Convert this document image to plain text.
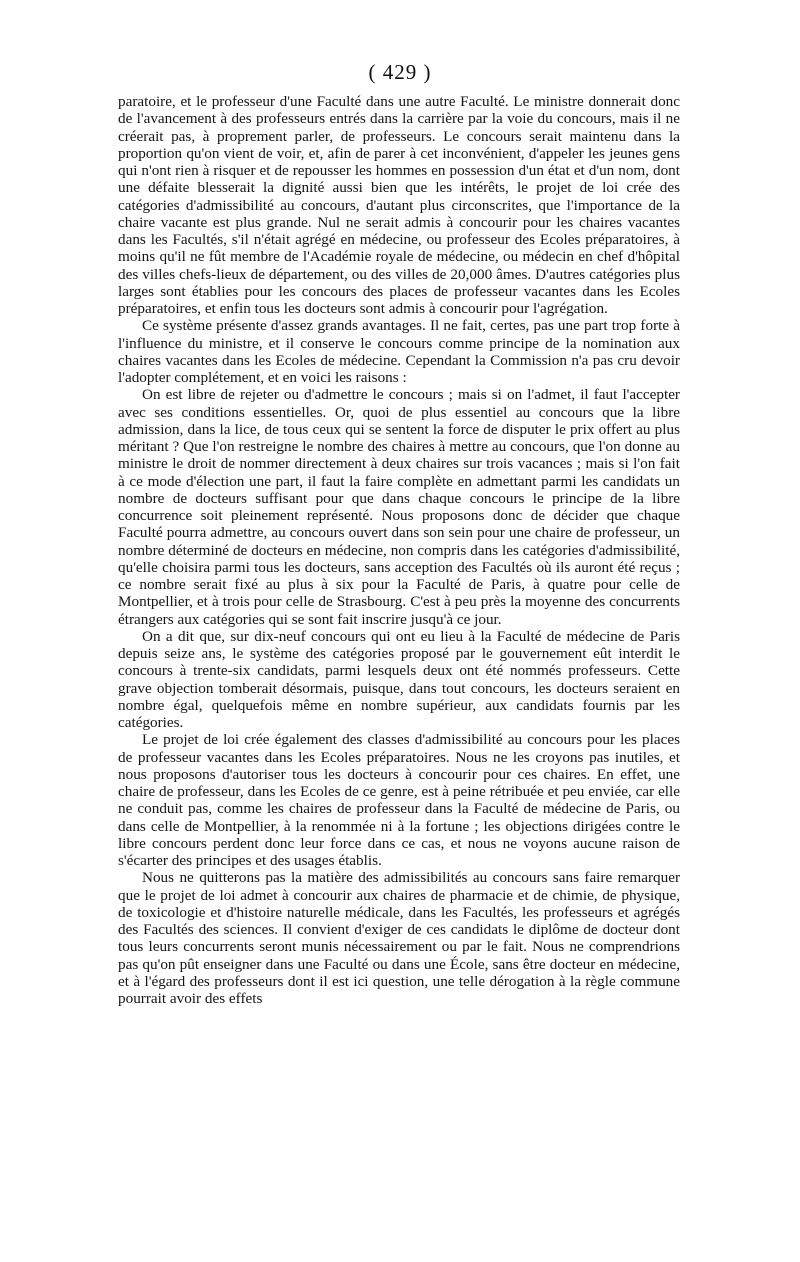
( 429 )

paratoire, et le professeur d'une Faculté dans une autre Faculté. Le ministre donnerait donc de l'avancement à des professeurs entrés dans la carrière par la voie du concours, mais il ne créerait pas, à proprement parler, de professeurs. Le concours serait maintenu dans la proportion qu'on vient de voir, et, afin de parer à cet inconvénient, d'appeler les jeunes gens qui n'ont rien à risquer et de repousser les hommes en possession d'un état et d'un nom, dont une défaite blesserait la dignité aussi bien que les intérêts, le projet de loi crée des catégories d'admissibilité au concours, d'autant plus circonscrites, que l'importance de la chaire vacante est plus grande. Nul ne serait admis à concourir pour les chaires vacantes dans les Facultés, s'il n'était agrégé en médecine, ou professeur des Ecoles préparatoires, à moins qu'il ne fût membre de l'Académie royale de médecine, ou médecin en chef d'hôpital des villes chefs-lieux de département, ou des villes de 20,000 âmes. D'autres catégories plus larges sont établies pour les concours des places de professeur vacantes dans les Ecoles préparatoires, et enfin tous les docteurs sont admis à concourir pour l'agrégation.

Ce système présente d'assez grands avantages. Il ne fait, certes, pas une part trop forte à l'influence du ministre, et il conserve le concours comme principe de la nomination aux chaires vacantes dans les Ecoles de médecine. Cependant la Commission n'a pas cru devoir l'adopter complétement, et en voici les raisons :

On est libre de rejeter ou d'admettre le concours ; mais si on l'admet, il faut l'accepter avec ses conditions essentielles. Or, quoi de plus essentiel au concours que la libre admission, dans la lice, de tous ceux qui se sentent la force de disputer le prix offert au plus méritant ? Que l'on restreigne le nombre des chaires à mettre au concours, que l'on donne au ministre le droit de nommer directement à deux chaires sur trois vacances ; mais si l'on fait à ce mode d'élection une part, il faut la faire complète en admettant parmi les candidats un nombre de docteurs suffisant pour que dans chaque concours le principe de la libre concurrence soit pleinement représenté. Nous proposons donc de décider que chaque Faculté pourra admettre, au concours ouvert dans son sein pour une chaire de professeur, un nombre déterminé de docteurs en médecine, non compris dans les catégories d'admissibilité, qu'elle choisira parmi tous les docteurs, sans acception des Facultés où ils auront été reçus ; ce nombre serait fixé au plus à six pour la Faculté de Paris, à quatre pour celle de Montpellier, et à trois pour celle de Strasbourg. C'est à peu près la moyenne des concurrents étrangers aux catégories qui se sont fait inscrire jusqu'à ce jour.

On a dit que, sur dix-neuf concours qui ont eu lieu à la Faculté de médecine de Paris depuis seize ans, le système des catégories proposé par le gouvernement eût interdit le concours à trente-six candidats, parmi lesquels deux ont été nommés professeurs. Cette grave objection tomberait désormais, puisque, dans tout concours, les docteurs seraient en nombre égal, quelquefois même en nombre supérieur, aux candidats fournis par les catégories.

Le projet de loi crée également des classes d'admissibilité au concours pour les places de professeur vacantes dans les Ecoles préparatoires. Nous ne les croyons pas inutiles, et nous proposons d'autoriser tous les docteurs à concourir pour ces chaires. En effet, une chaire de professeur, dans les Ecoles de ce genre, est à peine rétribuée et peu enviée, car elle ne conduit pas, comme les chaires de professeur dans la Faculté de médecine de Paris, ou dans celle de Montpellier, à la renommée ni à la fortune ; les objections dirigées contre le libre concours perdent donc leur force dans ce cas, et nous ne voyons aucune raison de s'écarter des principes et des usages établis.

Nous ne quitterons pas la matière des admissibilités au concours sans faire remarquer que le projet de loi admet à concourir aux chaires de pharmacie et de chimie, de physique, de toxicologie et d'histoire naturelle médicale, dans les Facultés, les professeurs et agrégés des Facultés des sciences. Il convient d'exiger de ces candidats le diplôme de docteur dont tous leurs concurrents seront munis nécessairement ou par le fait. Nous ne comprendrions pas qu'on pût enseigner dans une Faculté ou dans une École, sans être docteur en médecine, et à l'égard des professeurs dont il est ici question, une telle dérogation à la règle commune pourrait avoir des effets
